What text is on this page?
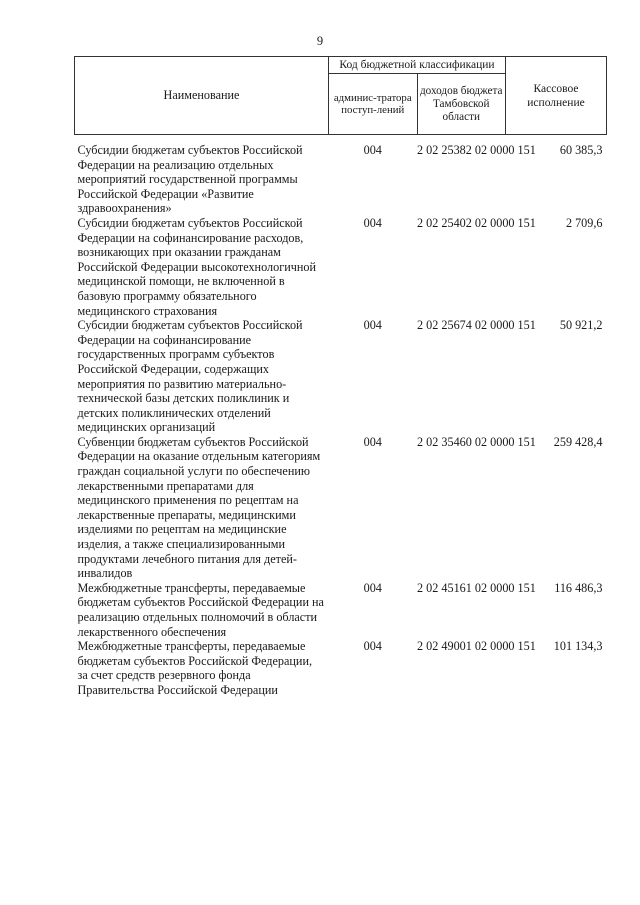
9
Наименование	Код бюджетной классификации		Кассовое исполнение
	админис-тратора поступ-лений	доходов бюджета Тамбовской области	
Субсидии бюджетам субъектов Российской Федерации на реализацию отдельных мероприятий государственной программы Российской Федерации «Развитие здравоохранения»	004	2 02 25382 02 0000 151	60 385,3
Субсидии бюджетам субъектов Российской Федерации на софинансирование расходов, возникающих при оказании гражданам Российской Федерации высокотехнологичной медицинской помощи, не включенной в базовую программу обязательного медицинского страхования	004	2 02 25402 02 0000 151	2 709,6
Субсидии бюджетам субъектов Российской Федерации на софинансирование государственных программ субъектов Российской Федерации, содержащих мероприятия по развитию материально-технической базы детских поликлиник и детских поликлинических отделений медицинских организаций	004	2 02 25674 02 0000 151	50 921,2
Субвенции бюджетам субъектов Российской Федерации на оказание отдельным категориям граждан социальной услуги по обеспечению лекарственными препаратами для медицинского применения по рецептам на лекарственные препараты, медицинскими изделиями по рецептам на медицинские изделия, а также специализированными продуктами лечебного питания для детей-инвалидов	004	2 02 35460 02 0000 151	259 428,4
Межбюджетные трансферты, передаваемые бюджетам субъектов Российской Федерации на реализацию отдельных полномочий в области лекарственного обеспечения	004	2 02 45161 02 0000 151	116 486,3
Межбюджетные трансферты, передаваемые бюджетам субъектов Российской Федерации, за счет средств резервного фонда Правительства Российской Федерации	004	2 02 49001 02 0000 151	101 134,3
